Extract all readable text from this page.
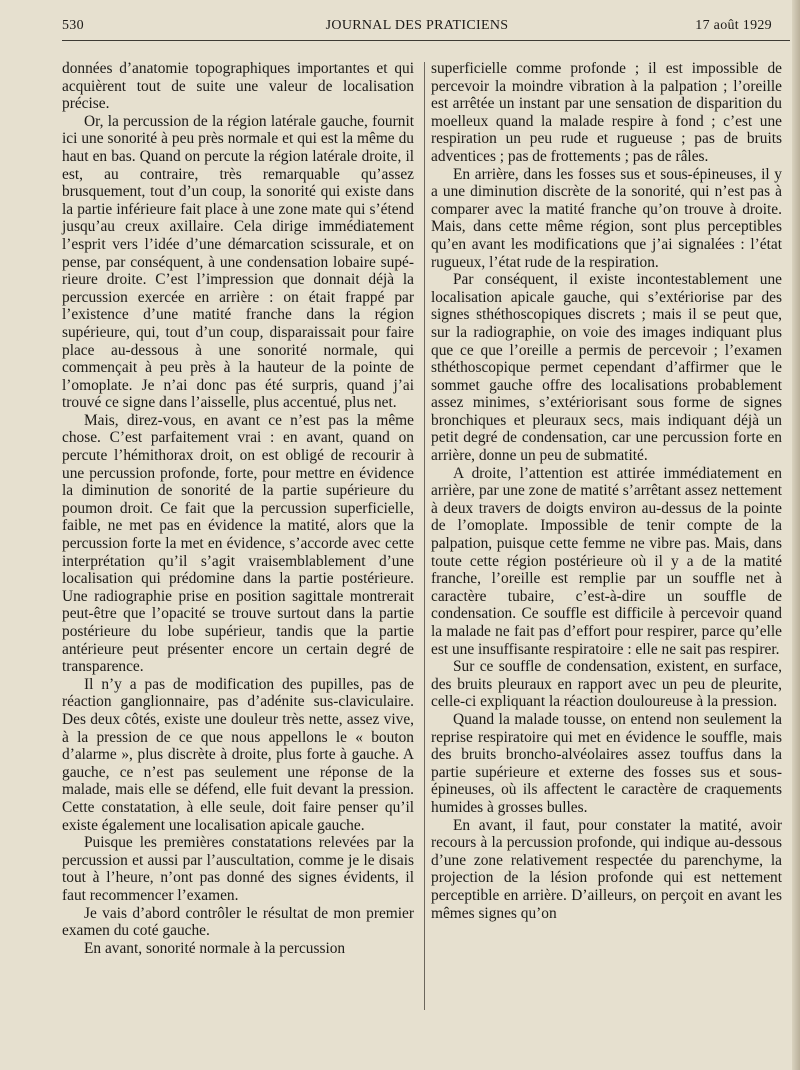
530	JOURNAL DES PRATICIENS	17 août 1929

données d’anatomie topographiques importantes et qui acquièrent tout de suite une valeur de localisation précise.

Or, la percussion de la région latérale gauche, fournit ici une sonorité à peu près normale et qui est la même du haut en bas. Quand on percute la région latérale droite, il est, au contraire, très remarquable qu’assez brusquement, tout d’un coup, la sonorité qui existe dans la partie inférieure fait place à une zone mate qui s’étend jusqu’au creux axillaire. Cela dirige immédiatement l’esprit vers l’idée d’une démarcation scissurale, et on pense, par conséquent, à une condensation lobaire supérieure droite. C’est l’impression que donnait déjà la percussion exercée en arrière : on était frappé par l’existence d’une matité franche dans la région supérieure, qui, tout d’un coup, disparaissait pour faire place au-dessous à une sonorité normale, qui commençait à peu près à la hauteur de la pointe de l’omoplate. Je n’ai donc pas été surpris, quand j’ai trouvé ce signe dans l’aisselle, plus accentué, plus net.

Mais, direz-vous, en avant ce n’est pas la même chose. C’est parfaitement vrai : en avant, quand on percute l’hémithorax droit, on est obligé de recourir à une percussion profonde, forte, pour mettre en évidence la diminution de sonorité de la partie supérieure du poumon droit. Ce fait que la percussion superficielle, faible, ne met pas en évidence la matité, alors que la percussion forte la met en évidence, s’accorde avec cette interprétation qu’il s’agit vraisemblablement d’une localisation qui prédomine dans la partie postérieure. Une radiographie prise en position sagittale montrerait peut-être que l’opacité se trouve surtout dans la partie postérieure du lobe supérieur, tandis que la partie antérieure peut présenter encore un certain degré de transparence.

Il n’y a pas de modification des pupilles, pas de réaction ganglionnaire, pas d’adénite sus-claviculaire. Des deux côtés, existe une douleur très nette, assez vive, à la pression de ce que nous appellons le « bouton d’alarme », plus discrète à droite, plus forte à gauche. A gauche, ce n’est pas seulement une réponse de la malade, mais elle se défend, elle fuit devant la pression. Cette constatation, à elle seule, doit faire penser qu’il existe également une localisation apicale gauche.

Puisque les premières constatations relevées par la percussion et aussi par l’auscultation, comme je le disais tout à l’heure, n’ont pas donné des signes évidents, il faut recommencer l’examen.

Je vais d’abord contrôler le résultat de mon premier examen du coté gauche.

En avant, sonorité normale à la percussion

superficielle comme profonde ; il est impossible de percevoir la moindre vibration à la palpation ; l’oreille est arrêtée un instant par une sensation de disparition du moelleux quand la malade respire à fond ; c’est une respiration un peu rude et rugueuse ; pas de bruits adventices ; pas de frottements ; pas de râles.

En arrière, dans les fosses sus et sous-épineuses, il y a une diminution discrète de la sonorité, qui n’est pas à comparer avec la matité franche qu’on trouve à droite. Mais, dans cette même région, sont plus perceptibles qu’en avant les modifications que j’ai signalées : l’état rugueux, l’état rude de la respiration.

Par conséquent, il existe incontestablement une localisation apicale gauche, qui s’extériorise par des signes sthéthoscopiques discrets ; mais il se peut que, sur la radiographie, on voie des images indiquant plus que ce que l’oreille a permis de percevoir ; l’examen sthéthoscopique permet cependant d’affirmer que le sommet gauche offre des localisations probablement assez minimes, s’extériorisant sous forme de signes bronchiques et pleuraux secs, mais indiquant déjà un petit degré de condensation, car une percussion forte en arrière, donne un peu de submatité.

A droite, l’attention est attirée immédiatement en arrière, par une zone de matité s’arrêtant assez nettement à deux travers de doigts environ au-dessus de la pointe de l’omoplate. Impossible de tenir compte de la palpation, puisque cette femme ne vibre pas. Mais, dans toute cette région postérieure où il y a de la matité franche, l’oreille est remplie par un souffle net à caractère tubaire, c’est-à-dire un souffle de condensation. Ce souffle est difficile à percevoir quand la malade ne fait pas d’effort pour respirer, parce qu’elle est une insuffisante respiratoire : elle ne sait pas respirer.

Sur ce souffle de condensation, existent, en surface, des bruits pleuraux en rapport avec un peu de pleurite, celle-ci expliquant la réaction douloureuse à la pression.

Quand la malade tousse, on entend non seulement la reprise respiratoire qui met en évidence le souffle, mais des bruits broncho-alvéolaires assez touffus dans la partie supérieure et externe des fosses sus et sous-épineuses, où ils affectent le caractère de craquements humides à grosses bulles.

En avant, il faut, pour constater la matité, avoir recours à la percussion profonde, qui indique au-dessous d’une zone relativement respectée du parenchyme, la projection de la lésion profonde qui est nettement perceptible en arrière. D’ailleurs, on perçoit en avant les mêmes signes qu’on
